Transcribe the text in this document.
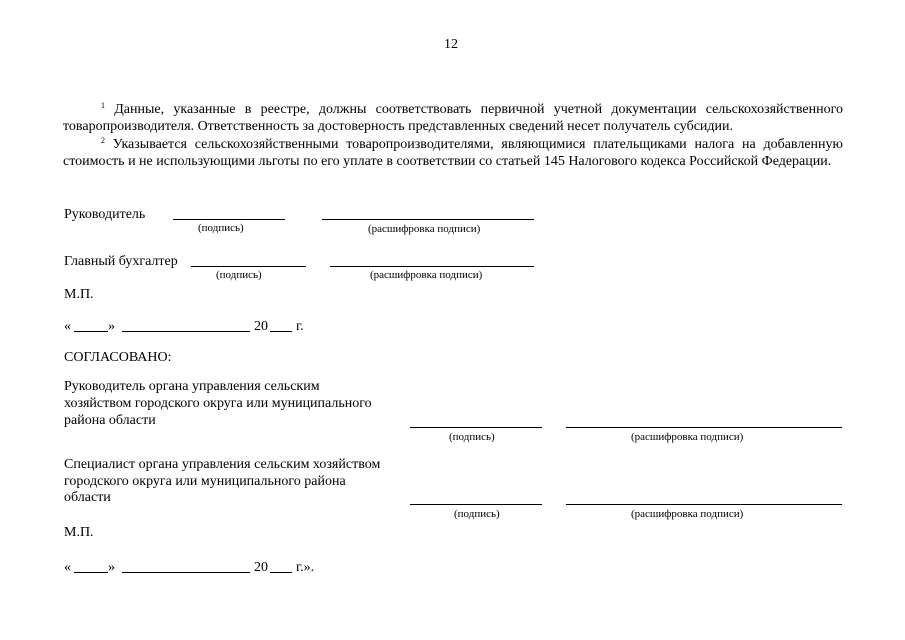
12
$^1$ Данные, указанные в реестре, должны соответствовать первичной учетной документации сельскохозяйственного товаропроизводителя. Ответственность за достоверность представленных сведений несет получатель субсидии.
$^2$ Указывается сельскохозяйственными товаропроизводителями, являющимися плательщиками налога на добавленную стоимость и не использующими льготы по его уплате в соответствии со статьей 145 Налогового кодекса Российской Федерации.
Руководитель
(подпись)	(расшифровка подписи)
Главный бухгалтер
(подпись)	(расшифровка подписи)
М.П.
«	»	20 г.
СОГЛАСОВАНО:
Руководитель органа управления сельским
хозяйством городского округа или муниципального
района области
(подпись)	(расшифровка подписи)
Специалист органа управления сельским хозяйством
городского округа или муниципального района
области
(подпись)	(расшифровка подписи)
М.П.
«	»	20 г.».
